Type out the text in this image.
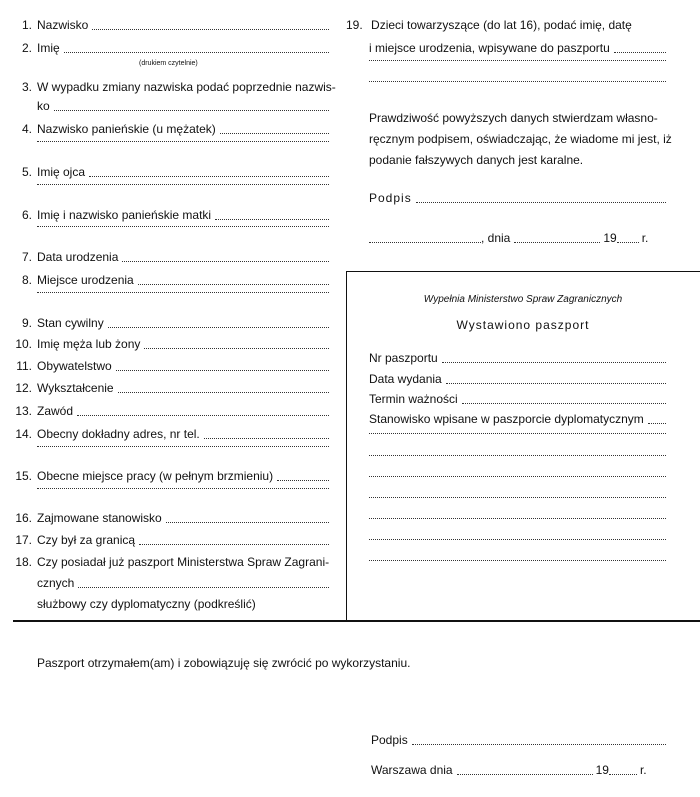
1. Nazwisko
2. Imię
(drukiem czytelnie)
3. W wypadku zmiany nazwiska podać poprzednie nazwis-
ko
4. Nazwisko panieńskie (u mężatek)
5. Imię ojca
6. Imię i nazwisko panieńskie matki
7. Data urodzenia
8. Miejsce urodzenia
9. Stan cywilny
10. Imię męża lub żony
11. Obywatelstwo
12. Wykształcenie
13. Zawód
14. Obecny dokładny adres, nr tel.
15. Obecne miejsce pracy (w pełnym brzmieniu)
16. Zajmowane stanowisko
17. Czy był za granicą
18. Czy posiadał już paszport Ministerstwa Spraw Zagrani-
cznych
służbowy czy dyplomatyczny (podkreślić)
19. Dzieci towarzyszące (do lat 16), podać imię, datę
i miejsce urodzenia, wpisywane do paszportu
Prawdziwość powyższych danych stwierdzam własno-
ręcznym podpisem, oświadczając, że wiadome mi jest, iż
podanie fałszywych danych jest karalne.
Podpis
, dnia	19 r.
Wypełnia Ministerstwo Spraw Zagranicznych
Wystawiono paszport
Nr paszportu
Data wydania
Termin ważności
Stanowisko wpisane w paszporcie dyplomatycznym
Paszport otrzymałem(am) i zobowiązuję się zwrócić po wykorzystaniu.
Podpis
Warszawa dnia	19	r.
